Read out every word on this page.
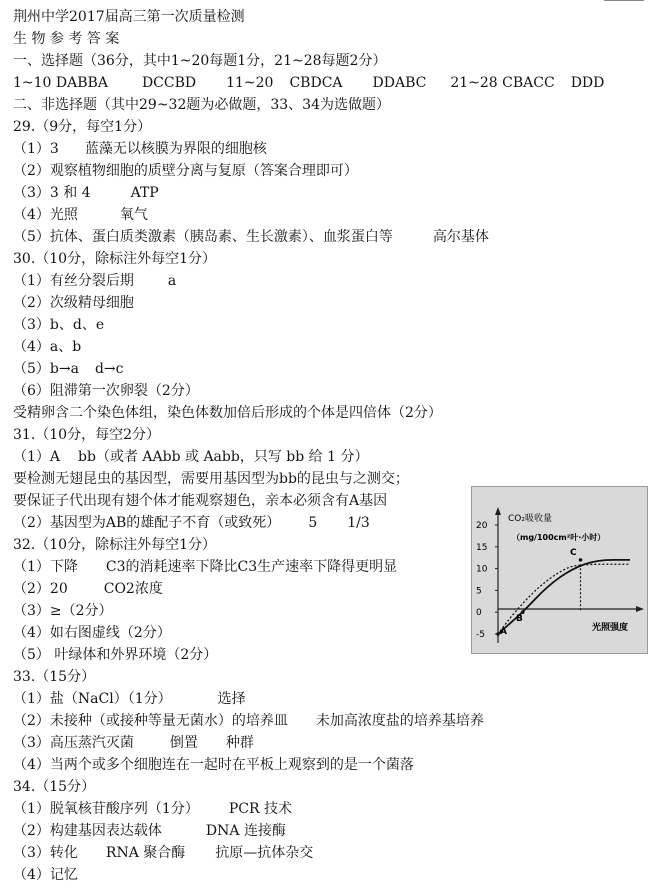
荆州中学2017届高三第一次质量检测
生 物 参 考 答 案
一、选择题（36分，其中1~20每题1分，21~28每题2分）
1~10 DABBA DCCBD 11~20 CBDCA DDABC 21~28 CBACC DDD
二、非选择题（其中29~32题为必做题，33、34为选做题）
29.（9分，每空1分）
（1）3 蓝藻无以核膜为界限的细胞核
（2）观察植物细胞的质壁分离与复原（答案合理即可）
（3）3 和 4	ATP
（4）光照	氧气
（5）抗体、蛋白质类激素（胰岛素、生长激素）、血浆蛋白等	高尔基体
30.（10分，除标注外每空1分）
（1）有丝分裂后期 a
（2）次级精母细胞
（3）b、d、e
（4）a、b
（5）b→a d→c
（6）阻滞第一次卵裂（2分）
受精卵含二个染色体组，染色体数加倍后形成的个体是四倍体（2分）
31.（10分，每空2分）
（1）A bb（或者 AAbb 或 Aabb，只写 bb 给 1 分）
要检测无翅昆虫的基因型，需要用基因型为bb的昆虫与之测交；
要保证子代出现有翅个体才能观察翅色，亲本必须含有A基因
（2）基因型为AB的雄配子不育（或致死） 5 1/3
32.（10分，除标注外每空1分）
（1）下降 C3的消耗速率下降比C3生产速率下降得更明显
（2）20	CO2浓度
（3）≥（2分）
（4）如右图虚线（2分）
（5） 叶绿体和外界环境（2分）
33.（15分）
（1）盐（NaCl）（1分）	选择
（2）未接种（或接种等量无菌水）的培养皿 未加高浓度盐的培养基培养
（3）高压蒸汽灭菌	倒置 种群
（4）当两个或多个细胞连在一起时在平板上观察到的是一个菌落
34.（15分）
（1）脱氧核苷酸序列（1分） PCR 技术
（2）构建基因表达载体	DNA 连接酶
（3）转化 RNA 聚合酶 抗原—抗体杂交
（4）记忆
20
15
10
5
0
-5
CO₂吸收量
（mg/100cm²叶·小时）
光照强度
A
B
C
